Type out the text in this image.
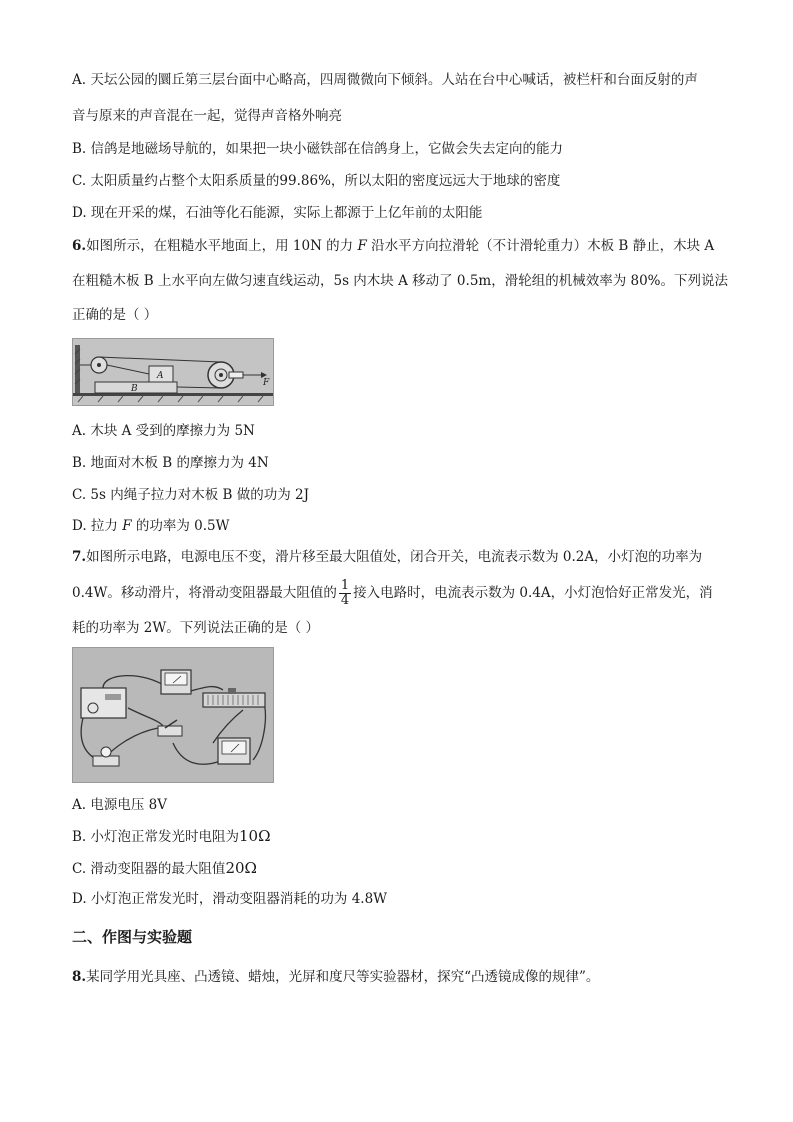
A. 天坛公园的圜丘第三层台面中心略高，四周微微向下倾斜。人站在台中心喊话，被栏杆和台面反射的声
音与原来的声音混在一起，觉得声音格外响亮
B. 信鸽是地磁场导航的，如果把一块小磁铁部在信鸽身上，它做会失去定向的能力
C. 太阳质量约占整个太阳系质量的99.86%，所以太阳的密度远远大于地球的密度
D. 现在开采的煤，石油等化石能源，实际上都源于上亿年前的太阳能
6.如图所示，在粗糙水平地面上，用 10N 的力 F 沿水平方向拉滑轮（不计滑轮重力）木板 B 静止，木块 A
在粗糙木板 B 上水平向左做匀速直线运动，5s 内木块 A 移动了 0.5m，滑轮组的机械效率为 80%。下列说法
正确的是（ ）
B
A
F
A. 木块 A 受到的摩擦力为 5N
B. 地面对木板 B 的摩擦力为 4N
C. 5s 内绳子拉力对木板 B 做的功为 2J
D. 拉力 F 的功率为 0.5W
7.如图所示电路，电源电压不变，滑片移至最大阻值处，闭合开关，电流表示数为 0.2A，小灯泡的功率为
0.4W。移动滑片，将滑动变阻器最大阻值的 $\frac{1}{4}$ 接入电路时，电流表示数为 0.4A，小灯泡恰好正常发光，消
耗的功率为 2W。下列说法正确的是（ ）
A. 电源电压 8V
B. 小灯泡正常发光时电阻为10Ω
C. 滑动变阻器的最大阻值20Ω
D. 小灯泡正常发光时，滑动变阻器消耗的功为 4.8W
二、作图与实验题
8.某同学用光具座、凸透镜、蜡烛，光屏和度尺等实验器材，探究“凸透镜成像的规律”。
